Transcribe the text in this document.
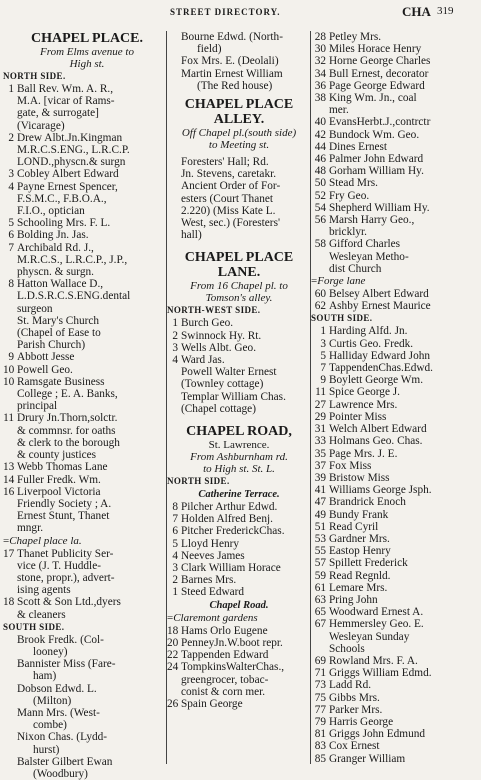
STREET DIRECTORY.	CHA 319
CHAPEL PLACE.
From Elms avenue to
High st.
NORTH SIDE.
1 Ball Rev. Wm. A. R.,
M.A. [vicar of Rams-
gate, & surrogate]
(Vicarage)
2 Drew Albt.Jn.Kingman
M.R.C.S.ENG., L.R.C.P.
LOND.,physcn.& surgn
3 Cobley Albert Edward
4 Payne Ernest Spencer,
F.S.M.C., F.B.O.A.,
F.I.O., optician
5 Schooling Mrs. F. L.
6 Bolding Jn. Jas.
7 Archibald Rd. J.,
M.R.C.S., L.R.C.P., J.P.,
physcn. & surgn.
8 Hatton Wallace D.,
L.D.S.R.C.S.ENG.dental
surgeon
St. Mary's Church
(Chapel of Ease to
Parish Church)
9 Abbott Jesse
10 Powell Geo.
10 Ramsgate Business
College ; E. A. Banks,
principal
11 Drury Jn.Thorn,solctr.
& commnsr. for oaths
& clerk to the borough
& county justices
13 Webb Thomas Lane
14 Fuller Fredk. Wm.
16 Liverpool Victoria
Friendly Society ; A.
Ernest Stunt, Thanet
mngr.
= Chapel place la.
17 Thanet Publicity Ser-
vice (J. T. Huddle-
stone, propr.), advert-
ising agents
18 Scott & Son Ltd.,dyers
& cleaners
SOUTH SIDE.
Brook Fredk. (Col-
looney)
Bannister Miss (Fare-
ham)
Dobson Edwd. L.
(Milton)
Mann Mrs. (West-
combe)
Nixon Chas. (Lydd-
hurst)
Balster Gilbert Ewan
(Woodbury)
Bourne Edwd. (North-
field)
Fox Mrs. E. (Deolali)
Martin Ernest William
(The Red house)
CHAPEL PLACE
ALLEY.
Off Chapel pl.(south side)
to Meeting st.
Foresters' Hall; Rd.
Jn. Stevens, caretakr.
Ancient Order of For-
esters (Court Thanet
2.220) (Miss Kate L.
West, sec.) (Foresters'
hall)
CHAPEL PLACE
LANE.
From 16 Chapel pl. to
Tomson's alley.
NORTH-WEST SIDE.
1 Burch Geo.
2 Swinnock Hy. Rt.
3 Wells Albt. Geo.
4 Ward Jas.
Powell Walter Ernest
(Townley cottage)
Templar William Chas.
(Chapel cottage)
CHAPEL ROAD,
St. Lawrence.
From Ashburnham rd.
to High st. St. L.
NORTH SIDE.
Catherine Terrace.
8 Pilcher Arthur Edwd.
7 Holden Alfred Benj.
6 Pitcher FrederickChas.
5 Lloyd Henry
4 Neeves James
3 Clark William Horace
2 Barnes Mrs.
1 Steed Edward
Chapel Road.
= Claremont gardens
18 Hams Orlo Eugene
20 PenneyJn.W.boot repr.
22 Tappenden Edward
24 TompkinsWalterChas.,
greengrocer, tobac-
conist & corn mer.
26 Spain George
28 Petley Mrs.
30 Miles Horace Henry
32 Horne George Charles
34 Bull Ernest, decorator
36 Page George Edward
38 King Wm. Jn., coal
mer.
40 EvansHerbt.J.,contrctr
42 Bundock Wm. Geo.
44 Dines Ernest
46 Palmer John Edward
48 Gorham William Hy.
50 Stead Mrs.
52 Fry Geo.
54 Shepherd William Hy.
56 Marsh Harry Geo.,
bricklyr.
58 Gifford Charles
Wesleyan Metho-
dist Church
= Forge lane
60 Belsey Albert Edward
62 Ashby Ernest Maurice
SOUTH SIDE.
1 Harding Alfd. Jn.
3 Curtis Geo. Fredk.
5 Halliday Edward John
7 TappendenChas.Edwd.
9 Boylett George Wm.
11 Spice George J.
27 Lawrence Mrs.
29 Pointer Miss
31 Welch Albert Edward
33 Holmans Geo. Chas.
35 Page Mrs. J. E.
37 Fox Miss
39 Bristow Miss
41 Williams George Jsph.
47 Brandrick Enoch
49 Bundy Frank
51 Read Cyril
53 Gardner Mrs.
55 Eastop Henry
57 Spillett Frederick
59 Read Regnld.
61 Lemare Mrs.
63 Pring John
65 Woodward Ernest A.
67 Hemmersley Geo. E.
Wesleyan Sunday
Schools
69 Rowland Mrs. F. A.
71 Griggs William Edmd.
73 Ladd Rd.
75 Gibbs Mrs.
77 Parker Mrs.
79 Harris George
81 Griggs John Edmund
83 Cox Ernest
85 Granger William
